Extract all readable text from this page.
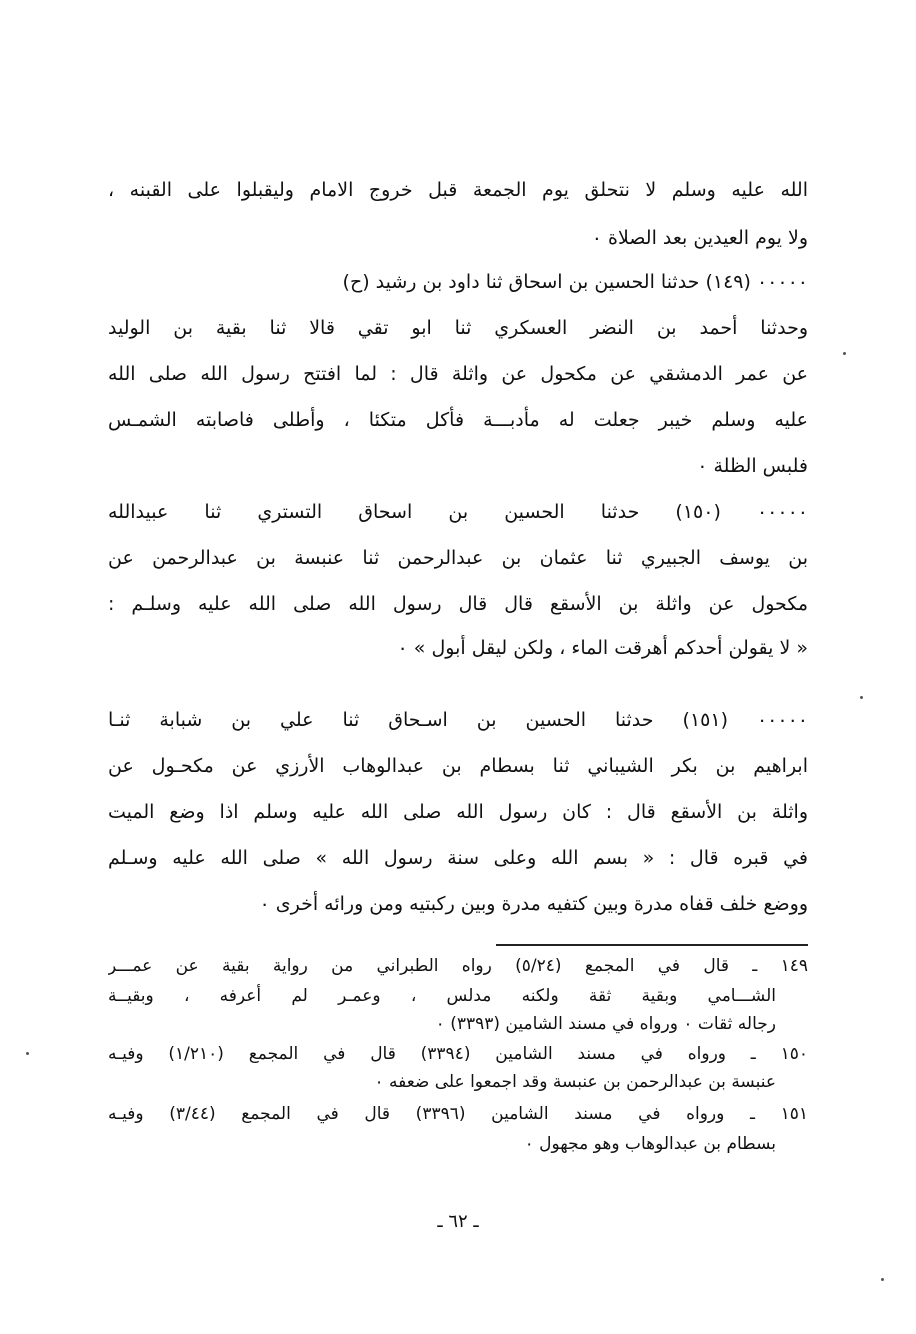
الله عليه وسلم لا نتحلق يوم الجمعة قبل خروج الامام وليقبلوا على القبنه ،
ولا يوم العيدين بعد الصلاة ٠
٠٠٠٠٠ (١٤٩) حدثنا الحسين بن اسحاق ثنا داود بن رشيد (ح)
وحدثنا أحمد بن النضر العسكري ثنا ابو تقي قالا ثنا بقية بن الوليد
عن عمر الدمشقي عن مكحول عن واثلة قال : لما افتتح رسول الله صلى الله
عليه وسلم خيبر جعلت له مأدبـــة فأكل متكئا ، وأطلى فاصابته الشمـس
فلبس الظلة ٠
٠٠٠٠٠ (١٥٠) حدثنا الحسين بن اسحاق التستري ثنا عبيدالله
بن يوسف الجبيري ثنا عثمان بن عبدالرحمن ثنا عنبسة بن عبدالرحمن عن
مكحول عن واثلة بن الأسقع قال قال رسول الله صلى الله عليه وسلـم :
« لا يقولن أحدكم أهرقت الماء ، ولكن ليقل أبول » ٠
٠٠٠٠٠ (١٥١) حدثنا الحسين بن اسـحاق ثنا علي بن شبابة ثنـا
ابراهيم بن بكر الشيباني ثنا بسطام بن عبدالوهاب الأرزي عن مكحـول عن
واثلة بن الأسقع قال : كان رسول الله صلى الله عليه وسلم اذا وضع الميت
في قبره قال : « بسم الله وعلى سنة رسول الله » صلى الله عليه وسـلم
ووضع خلف قفاه مدرة وبين كتفيه مدرة وبين ركبتيه ومن ورائه أخرى ٠
١٤٩ ـ قال في المجمع (٥/٢٤) رواه الطبراني من رواية بقية عن عمـــر
الشـــامي وبقية ثقة ولكنه مدلس ، وعمـر لم أعرفه ، وبقيــة
رجاله ثقات ٠ ورواه في مسند الشامين (٣٣٩٣) ٠
١٥٠ ـ ورواه في مسند الشامين (٣٣٩٤) قال في المجمع (١/٢١٠) وفيـه
عنبسة بن عبدالرحمن بن عنبسة وقد اجمعوا على ضعفه ٠
١٥١ ـ ورواه في مسند الشامين (٣٣٩٦) قال في المجمع (٣/٤٤) وفيـه
بسطام بن عبدالوهاب وهو مجهول ٠
ـ ٦٢ ـ
